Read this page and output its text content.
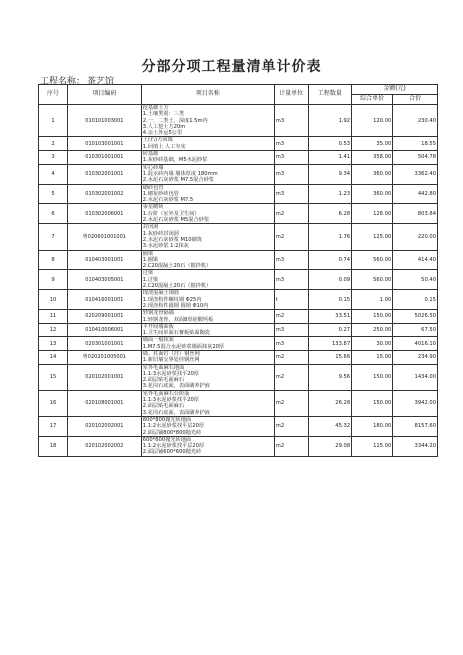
分部分项工程量清单计价表
工程名称： 茶艺馆
序号	项目编码	项目名称	计量单位	工程数量	金额(元)	
					综合单价	合价
1	010101003001	挖基础土方
1.土壤类别：三类
2.一、二类土，深度1.5m内
3.人工挖土方20m
4.余土外运5公里	m3	1.92	120.00	230.40
2	010103001001	土(石)方回填
1.回填土 人工夯实	m3	0.53	35.00	18.55
3	010301001001	砖基础
1.灰砂砖基础，M5水泥砂浆	m3	1.41	358.00	504.78
4	010302001001	实心砖墙
1.混水砖内墙 墙体厚度 180mm
2.水泥石灰砂浆 M7.5混合砂浆	m3	9.34	360.00	3362.40
5	010302001002	砌砖包管
1.砌灰砂砖包管
2.水泥石灰砂浆 M7.5	m3	1.23	360.00	442.80
6	010302006001	零星砌砖
1.台阶（室外及卫生间）
2.水泥石灰砂浆 M5混合砂浆	m2	6.28	128.00	803.84
7	粤020601001001	封闭洞
1.灰砂砖封闭洞
2.水泥石灰砂浆 M10砌筑
3.水泥砂浆 1:2抹灰	m2	1.76	125.00	220.00
8	010403001001	圈梁
1.圈梁
2.C20混凝土20石（搅拌机）	m3	0.74	560.00	414.40
9	010403005001	过梁
1.过梁
2.C20混凝土20石（搅拌机）	m3	0.09	560.00	50.40
10	010416001001	现浇混凝土钢筋
1.现浇构件螺纹钢 Φ25内
2.现浇构件圆钢 圆钢 Φ10内	t	0.15	1.00	0.15
11	020209001001	轻钢龙骨隔墙
1.轻钢龙骨，双面8厚硅酸钙板	m2	33.51	150.00	5026.50
12	010410006001	平开间墙面板
1.卫生间单面石膏板贴面陶瓷	m3	0.27	250.00	67.50
13	020301001001	墙面一般抹灰
1.M7.5混合水泥砂浆墙面抹灰20厚	m3	133.87	30.00	4016.10
14	粤020201005001	墙、柱面钉（挂）钢丝网
1.新旧墙交界处挂钢丝网	m2	15.66	15.00	234.90
15	020102001001	室外毛面麻石地面
1.1:3水泥砂浆找平20厚
2.面层贴毛面麻石
3.花岗石底面，表面刷养护液	m2	9.56	150.00	1434.00
16	020108001001	室外毛面麻石台阶面
1.1:3水泥砂浆找平20厚
2.面层贴毛面麻石
3.花岗石底面，表面刷养护液	m2	26.28	150.00	3942.00
17	020102002001	800*800抛光砖地面
1.1:2水泥砂浆找平层20厚
2.面层铺800*800抛光砖	m2	45.32	180.00	8157.60
18	020102002002	600*600抛光砖地面
1.1:2水泥砂浆找平层20厚
2.面层铺600*600抛光砖	m2	29.08	115.00	3344.20
